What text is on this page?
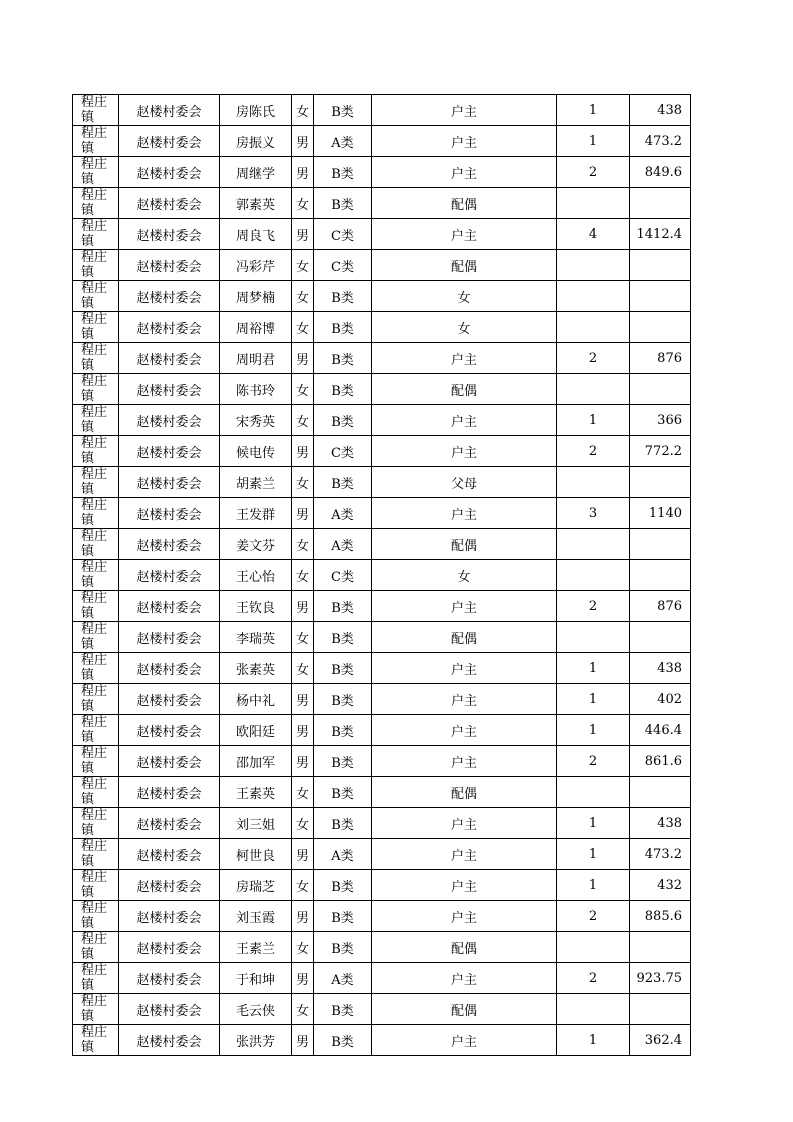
程庄镇	赵楼村委会	房陈氏	女	B类	户主	1	438

程庄镇	赵楼村委会	房振义	男	A类	户主	1	473.2

程庄镇	赵楼村委会	周继学	男	B类	户主	2	849.6

程庄镇	赵楼村委会	郭素英	女	B类	配偶		

程庄镇	赵楼村委会	周良飞	男	C类	户主	4	1412.4

程庄镇	赵楼村委会	冯彩芹	女	C类	配偶		

程庄镇	赵楼村委会	周梦楠	女	B类	女		

程庄镇	赵楼村委会	周裕博	女	B类	女		

程庄镇	赵楼村委会	周明君	男	B类	户主	2	876

程庄镇	赵楼村委会	陈书玲	女	B类	配偶		

程庄镇	赵楼村委会	宋秀英	女	B类	户主	1	366

程庄镇	赵楼村委会	候电传	男	C类	户主	2	772.2

程庄镇	赵楼村委会	胡素兰	女	B类	父母		

程庄镇	赵楼村委会	王发群	男	A类	户主	3	1140

程庄镇	赵楼村委会	姜文芬	女	A类	配偶		

程庄镇	赵楼村委会	王心怡	女	C类	女		

程庄镇	赵楼村委会	王钦良	男	B类	户主	2	876

程庄镇	赵楼村委会	李瑞英	女	B类	配偶		

程庄镇	赵楼村委会	张素英	女	B类	户主	1	438

程庄镇	赵楼村委会	杨中礼	男	B类	户主	1	402

程庄镇	赵楼村委会	欧阳廷	男	B类	户主	1	446.4

程庄镇	赵楼村委会	邵加军	男	B类	户主	2	861.6

程庄镇	赵楼村委会	王素英	女	B类	配偶		

程庄镇	赵楼村委会	刘三姐	女	B类	户主	1	438

程庄镇	赵楼村委会	柯世良	男	A类	户主	1	473.2

程庄镇	赵楼村委会	房瑞芝	女	B类	户主	1	432

程庄镇	赵楼村委会	刘玉霞	男	B类	户主	2	885.6

程庄镇	赵楼村委会	王素兰	女	B类	配偶		

程庄镇	赵楼村委会	于和坤	男	A类	户主	2	923.75

程庄镇	赵楼村委会	毛云侠	女	B类	配偶		

程庄镇	赵楼村委会	张洪芳	男	B类	户主	1	362.4
